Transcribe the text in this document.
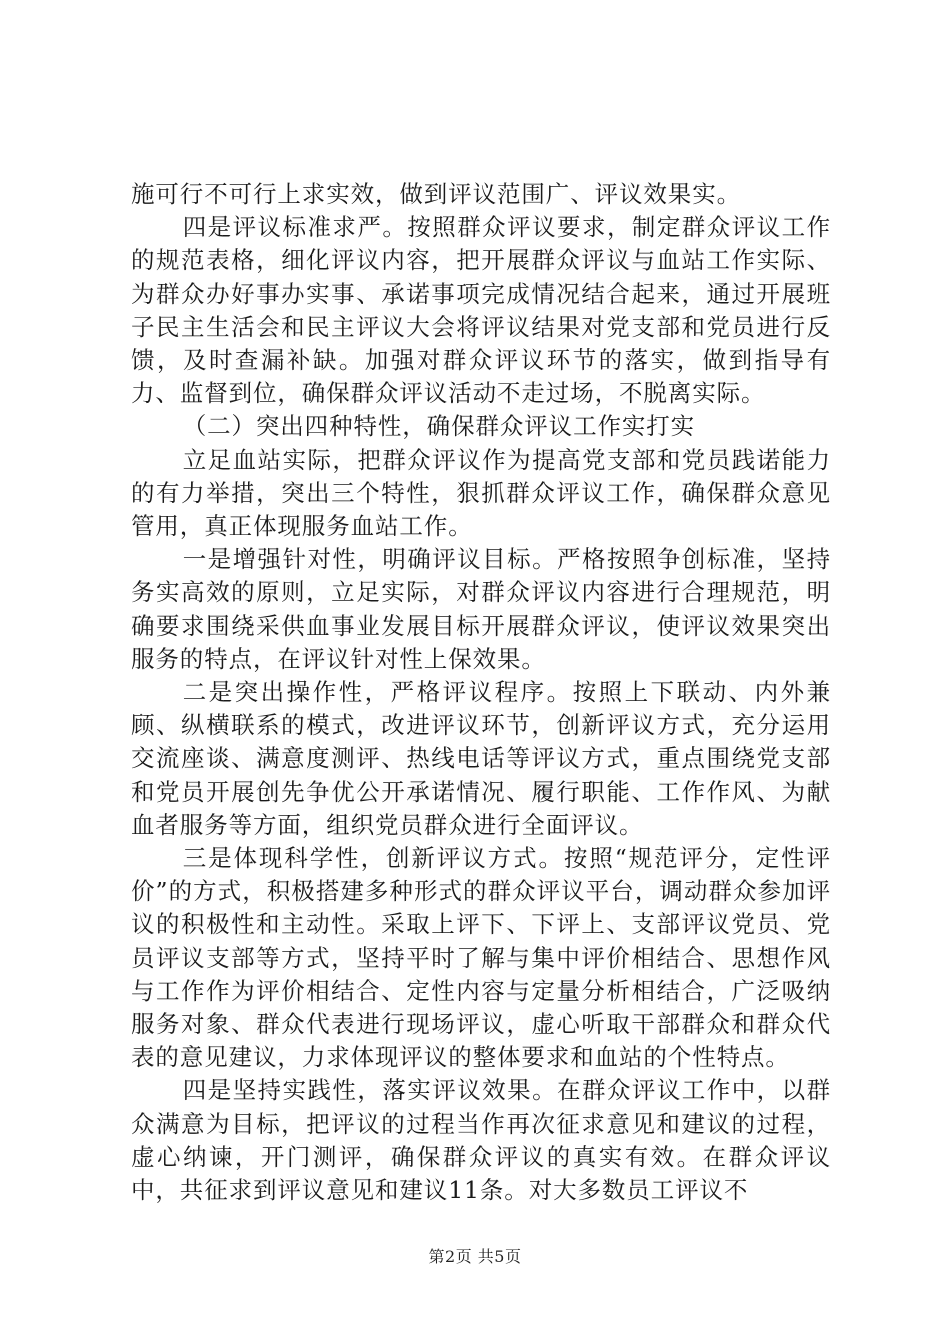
施可行不可行上求实效，做到评议范围广、评议效果实。

四是评议标准求严。按照群众评议要求，制定群众评议工作的规范表格，细化评议内容，把开展群众评议与血站工作实际、为群众办好事办实事、承诺事项完成情况结合起来，通过开展班子民主生活会和民主评议大会将评议结果对党支部和党员进行反馈，及时查漏补缺。加强对群众评议环节的落实，做到指导有力、监督到位，确保群众评议活动不走过场，不脱离实际。

（二）突出四种特性，确保群众评议工作实打实

立足血站实际，把群众评议作为提高党支部和党员践诺能力的有力举措，突出三个特性，狠抓群众评议工作，确保群众意见管用，真正体现服务血站工作。

一是增强针对性，明确评议目标。严格按照争创标准，坚持务实高效的原则，立足实际，对群众评议内容进行合理规范，明确要求围绕采供血事业发展目标开展群众评议，使评议效果突出服务的特点，在评议针对性上保效果。

二是突出操作性，严格评议程序。按照上下联动、内外兼顾、纵横联系的模式，改进评议环节，创新评议方式，充分运用交流座谈、满意度测评、热线电话等评议方式，重点围绕党支部和党员开展创先争优公开承诺情况、履行职能、工作作风、为献血者服务等方面，组织党员群众进行全面评议。

三是体现科学性，创新评议方式。按照“规范评分，定性评价”的方式，积极搭建多种形式的群众评议平台，调动群众参加评议的积极性和主动性。采取上评下、下评上、支部评议党员、党员评议支部等方式，坚持平时了解与集中评价相结合、思想作风与工作作为评价相结合、定性内容与定量分析相结合，广泛吸纳服务对象、群众代表进行现场评议，虚心听取干部群众和群众代表的意见建议，力求体现评议的整体要求和血站的个性特点。

四是坚持实践性，落实评议效果。在群众评议工作中，以群众满意为目标，把评议的过程当作再次征求意见和建议的过程，虚心纳谏，开门测评，确保群众评议的真实有效。在群众评议中，共征求到评议意见和建议11条。对大多数员工评议不

第2页 共5页
